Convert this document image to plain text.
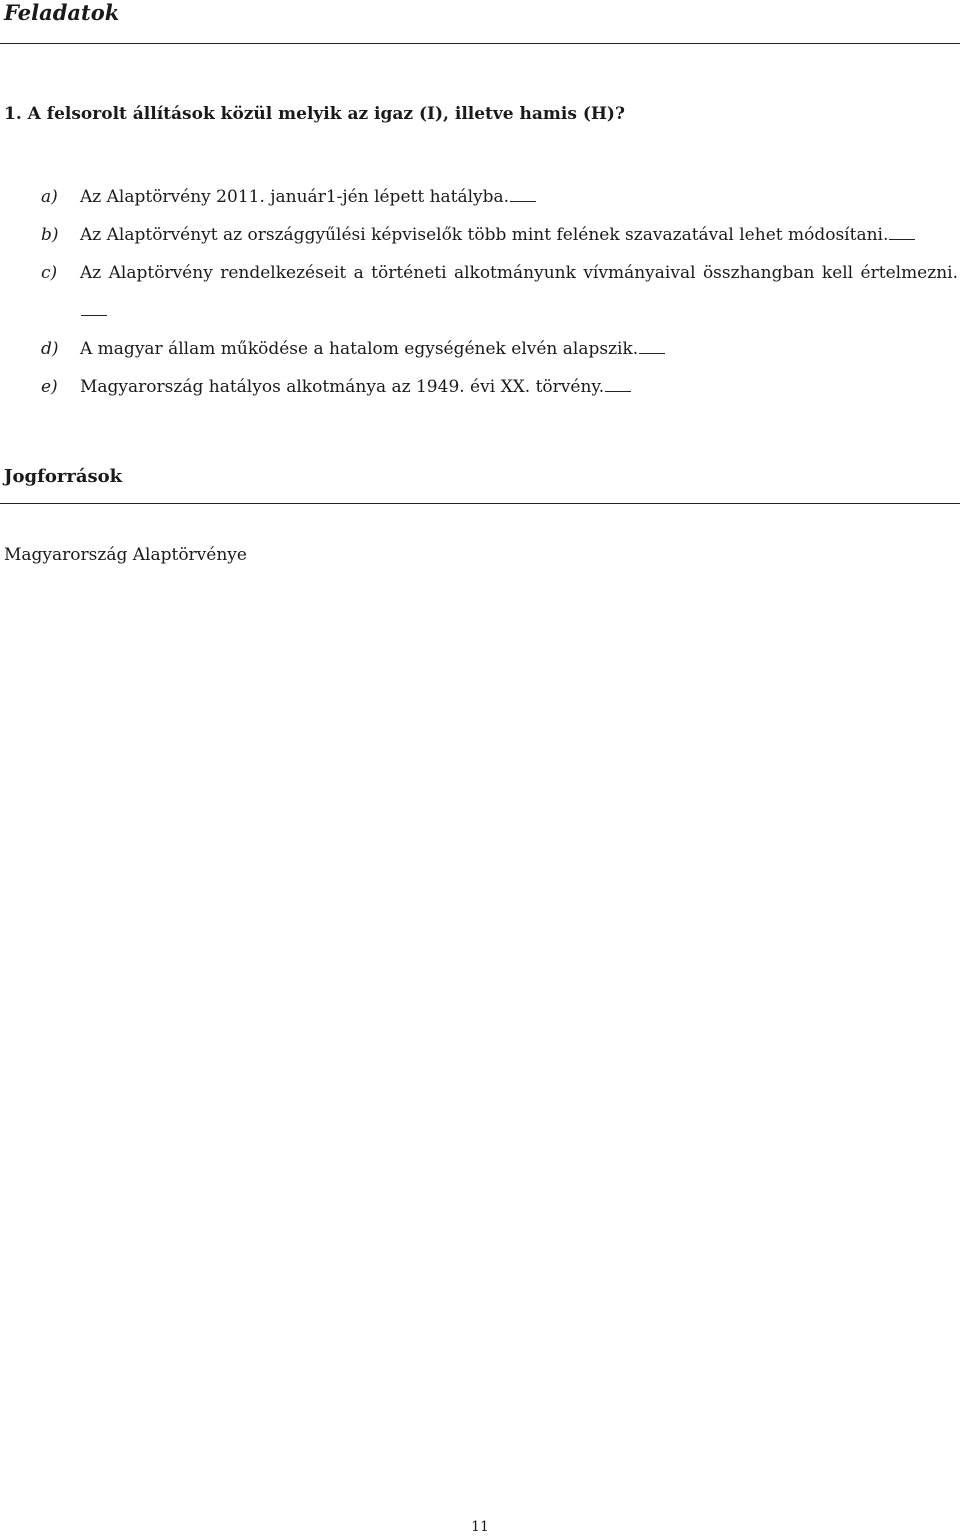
Feladatok

1. A felsorolt állítások közül melyik az igaz (I), illetve hamis (H)?

a) Az Alaptörvény 2011. január1-jén lépett hatályba.
b) Az Alaptörvényt az országgyűlési képviselők több mint felének szavazatával lehet módosítani.
c) Az Alaptörvény rendelkezéseit a történeti alkotmányunk vívmányaival összhangban kell értelmezni.
d) A magyar állam működése a hatalom egységének elvén alapszik.
e) Magyarország hatályos alkotmánya az 1949. évi XX. törvény.
Jogforrások

Magyarország Alaptörvénye

11
